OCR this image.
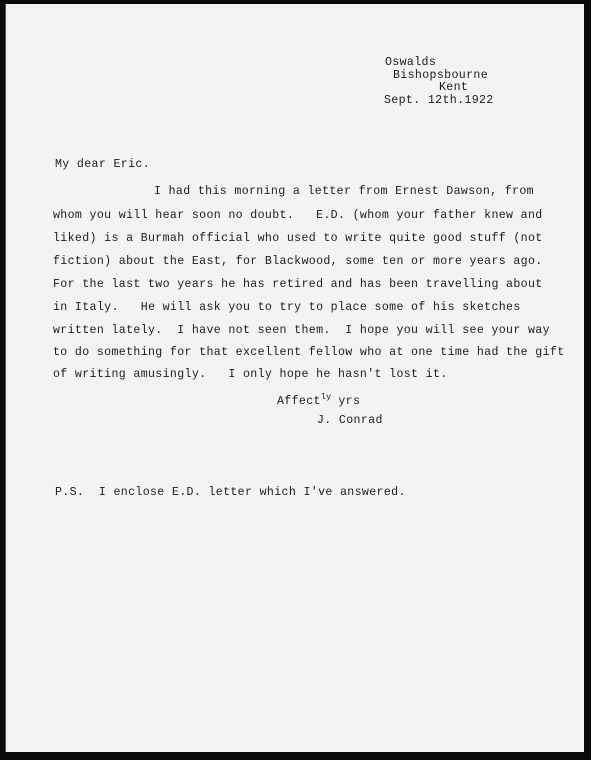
Oswalds
Bishopsbourne
Kent
Sept. 12th.1922
My dear Eric.
I had this morning a letter from Ernest Dawson, from
whom you will hear soon no doubt.   E.D. (whom your father knew and
liked) is a Burmah official who used to write quite good stuff (not
fiction) about the East, for Blackwood, some ten or more years ago.
For the last two years he has retired and has been travelling about
in Italy.   He will ask you to try to place some of his sketches
written lately.  I have not seen them.  I hope you will see your way
to do something for that excellent fellow who at one time had the gift
of writing amusingly.   I only hope he hasn't lost it.
Affect$^{ly}$ yrs
J. Conrad
P.S.  I enclose E.D. letter which I've answered.
